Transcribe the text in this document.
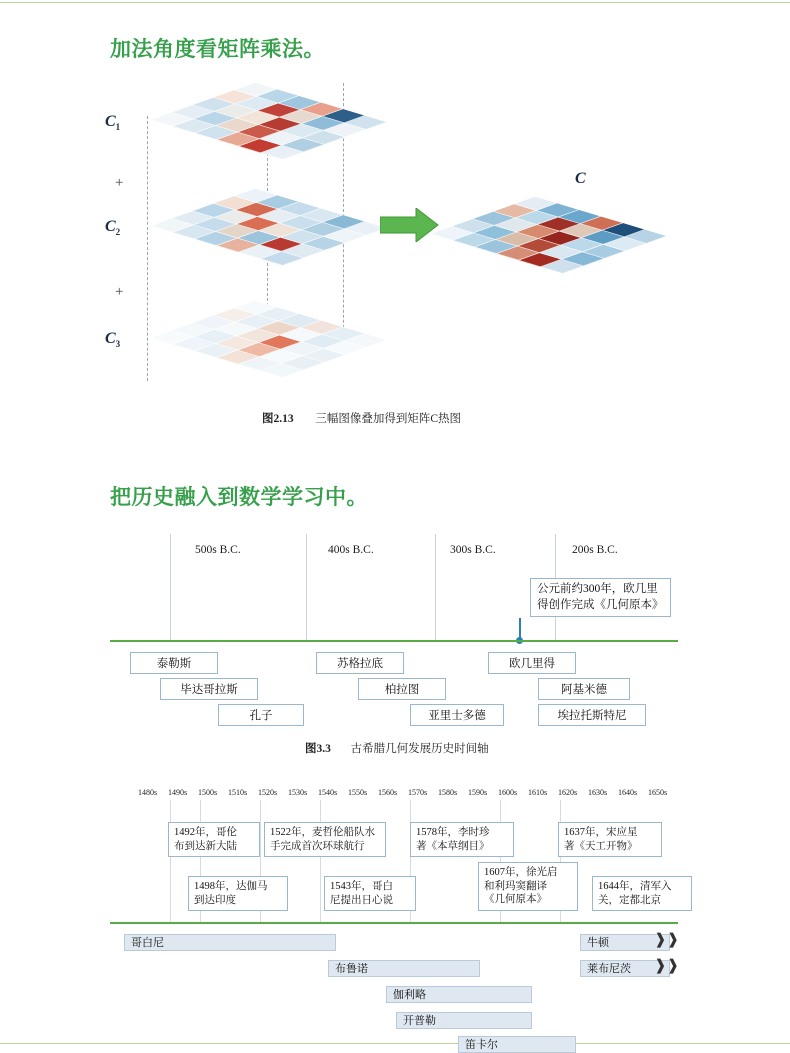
加法角度看矩阵乘法。
$C_1$

+
$C_2$

+
$C_3$

C

图2.13 三幅图像叠加得到矩阵C热图
把历史融入到数学学习中。
500s B.C.	400s B.C.	300s B.C.	200s B.C.
公元前约300年，欧几里
得创作完成《几何原本》
泰勒斯	苏格拉底	欧几里得
毕达哥拉斯	柏拉图	阿基米德
孔子	亚里士多德	埃拉托斯特尼
图3.3 古希腊几何发展历史时间轴
1480s 1490s 1500s 1510s 1520s 1530s 1540s 1550s 1560s 1570s 1580s 1590s 1600s 1610s 1620s 1630s 1640s 1650s
1492年，哥伦
布到达新大陆
1522年，麦哲伦船队水
手完成首次环球航行
1578年，李时珍
著《本草纲目》
1637年，宋应星
著《天工开物》
1498年，达伽马
到达印度
1543年，哥白
尼提出日心说
1607年，徐光启
和利玛窦翻译
《几何原本》
1644年，清军入
关，定都北京
哥白尼	牛顿	❱❱
布鲁诺	莱布尼茨	❱❱
伽利略
开普勒
笛卡尔
